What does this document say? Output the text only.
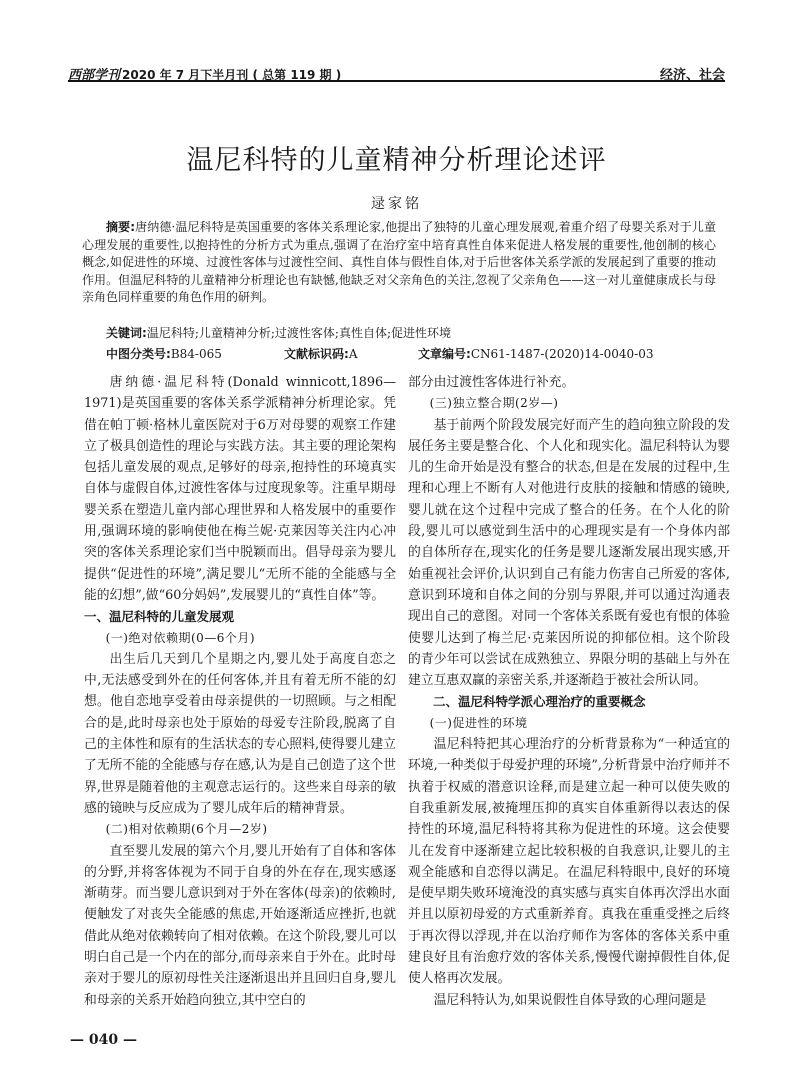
西部学刊 2020 年 7 月下半月刊 ( 总第 119 期 )	经济、社会
温尼科特的儿童精神分析理论述评
逯家铭
摘要:唐纳德·温尼科特是英国重要的客体关系理论家,他提出了独特的儿童心理发展观,着重介绍了母婴关系对于儿童心理发展的重要性,以抱持性的分析方式为重点,强调了在治疗室中培育真性自体来促进人格发展的重要性,他创制的核心概念,如促进性的环境、过渡性客体与过渡性空间、真性自体与假性自体,对于后世客体关系学派的发展起到了重要的推动作用。但温尼科特的儿童精神分析理论也有缺憾,他缺乏对父亲角色的关注,忽视了父亲角色——这一对儿童健康成长与母亲角色同样重要的角色作用的研判。
关键词:温尼科特;儿童精神分析;过渡性客体;真性自体;促进性环境
中图分类号:B84-065	文献标识码:A	文章编号:CN61-1487-(2020)14-0040-03

唐纳德·温尼科特(Donald winnicott,1896—1971)是英国重要的客体关系学派精神分析理论家。凭借在帕丁顿·格林儿童医院对于6万对母婴的观察工作建立了极具创造性的理论与实践方法。其主要的理论架构包括儿童发展的观点,足够好的母亲,抱持性的环境真实自体与虚假自体,过渡性客体与过度现象等。注重早期母婴关系在塑造儿童内部心理世界和人格发展中的重要作用,强调环境的影响使他在梅兰妮·克莱因等关注内心冲突的客体关系理论家们当中脱颖而出。倡导母亲为婴儿提供“促进性的环境”,满足婴儿“无所不能的全能感与全能的幻想”,做“60分妈妈”,发展婴儿的“真性自体”等。

一、温尼科特的儿童发展观
(一)绝对依赖期(0—6个月)

出生后几天到几个星期之内,婴儿处于高度自恋之中,无法感受到外在的任何客体,并且有着无所不能的幻想。他自恋地享受着由母亲提供的一切照顾。与之相配合的是,此时母亲也处于原始的母爱专注阶段,脱离了自己的主体性和原有的生活状态的专心照料,使得婴儿建立了无所不能的全能感与存在感,认为是自己创造了这个世界,世界是随着他的主观意志运行的。这些来自母亲的敏感的镜映与反应成为了婴儿成年后的精神背景。

(二)相对依赖期(6个月—2岁)

直至婴儿发展的第六个月,婴儿开始有了自体和客体的分野,并将客体视为不同于自身的外在存在,现实感逐渐萌芽。而当婴儿意识到对于外在客体(母亲)的依赖时,便触发了对丧失全能感的焦虑,开始逐渐适应挫折,也就借此从绝对依赖转向了相对依赖。在这个阶段,婴儿可以明白自己是一个内在的部分,而母亲来自于外在。此时母亲对于婴儿的原初母性关注逐渐退出并且回归自身,婴儿和母亲的关系开始趋向独立,其中空白的

部分由过渡性客体进行补充。

(三)独立整合期(2岁—)

基于前两个阶段发展完好而产生的趋向独立阶段的发展任务主要是整合化、个人化和现实化。温尼科特认为婴儿的生命开始是没有整合的状态,但是在发展的过程中,生理和心理上不断有人对他进行皮肤的接触和情感的镜映,婴儿就在这个过程中完成了整合的任务。在个人化的阶段,婴儿可以感觉到生活中的心理现实是有一个身体内部的自体所存在,现实化的任务是婴儿逐渐发展出现实感,开始重视社会评价,认识到自己有能力伤害自己所爱的客体,意识到环境和自体之间的分别与界限,并可以通过沟通表现出自己的意图。对同一个客体关系既有爱也有恨的体验使婴儿达到了梅兰尼·克莱因所说的抑郁位相。这个阶段的青少年可以尝试在成熟独立、界限分明的基础上与外在建立互惠双赢的亲密关系,并逐渐趋于被社会所认同。

二、温尼科特学派心理治疗的重要概念
(一)促进性的环境

温尼科特把其心理治疗的分析背景称为“一种适宜的环境,一种类似于母爱护理的环境”,分析背景中治疗师并不执着于权威的潜意识诠释,而是建立起一种可以使失败的自我重新发展,被掩埋压抑的真实自体重新得以表达的保持性的环境,温尼科特将其称为促进性的环境。这会使婴儿在发育中逐渐建立起比较积极的自我意识,让婴儿的主观全能感和自恋得以满足。在温尼科特眼中,良好的环境是使早期失败环境淹没的真实感与真实自体再次浮出水面并且以原初母爱的方式重新养育。真我在重重受挫之后终于再次得以浮现,并在以治疗师作为客体的客体关系中重建良好且有治愈疗效的客体关系,慢慢代谢掉假性自体,促使人格再次发展。

温尼科特认为,如果说假性自体导致的心理问题是

— 040 —
